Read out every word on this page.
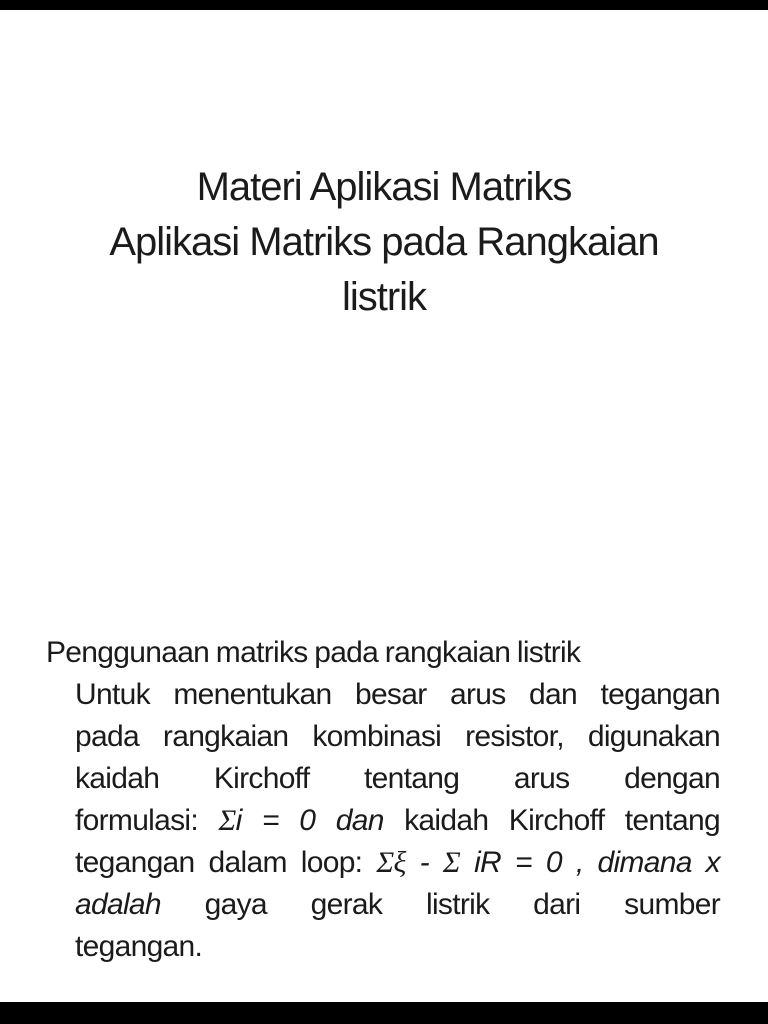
Materi Aplikasi Matriks
Aplikasi Matriks pada Rangkaian
listrik
Penggunaan matriks pada rangkaian listrik
Untuk menentukan besar arus dan tegangan
pada rangkaian kombinasi resistor, digunakan
kaidah Kirchoff tentang arus dengan
formulasi: Σi = 0 dan kaidah Kirchoff tentang
tegangan dalam loop: Σξ - Σ iR = 0 , dimana x
adalah gaya gerak listrik dari sumber
tegangan.
